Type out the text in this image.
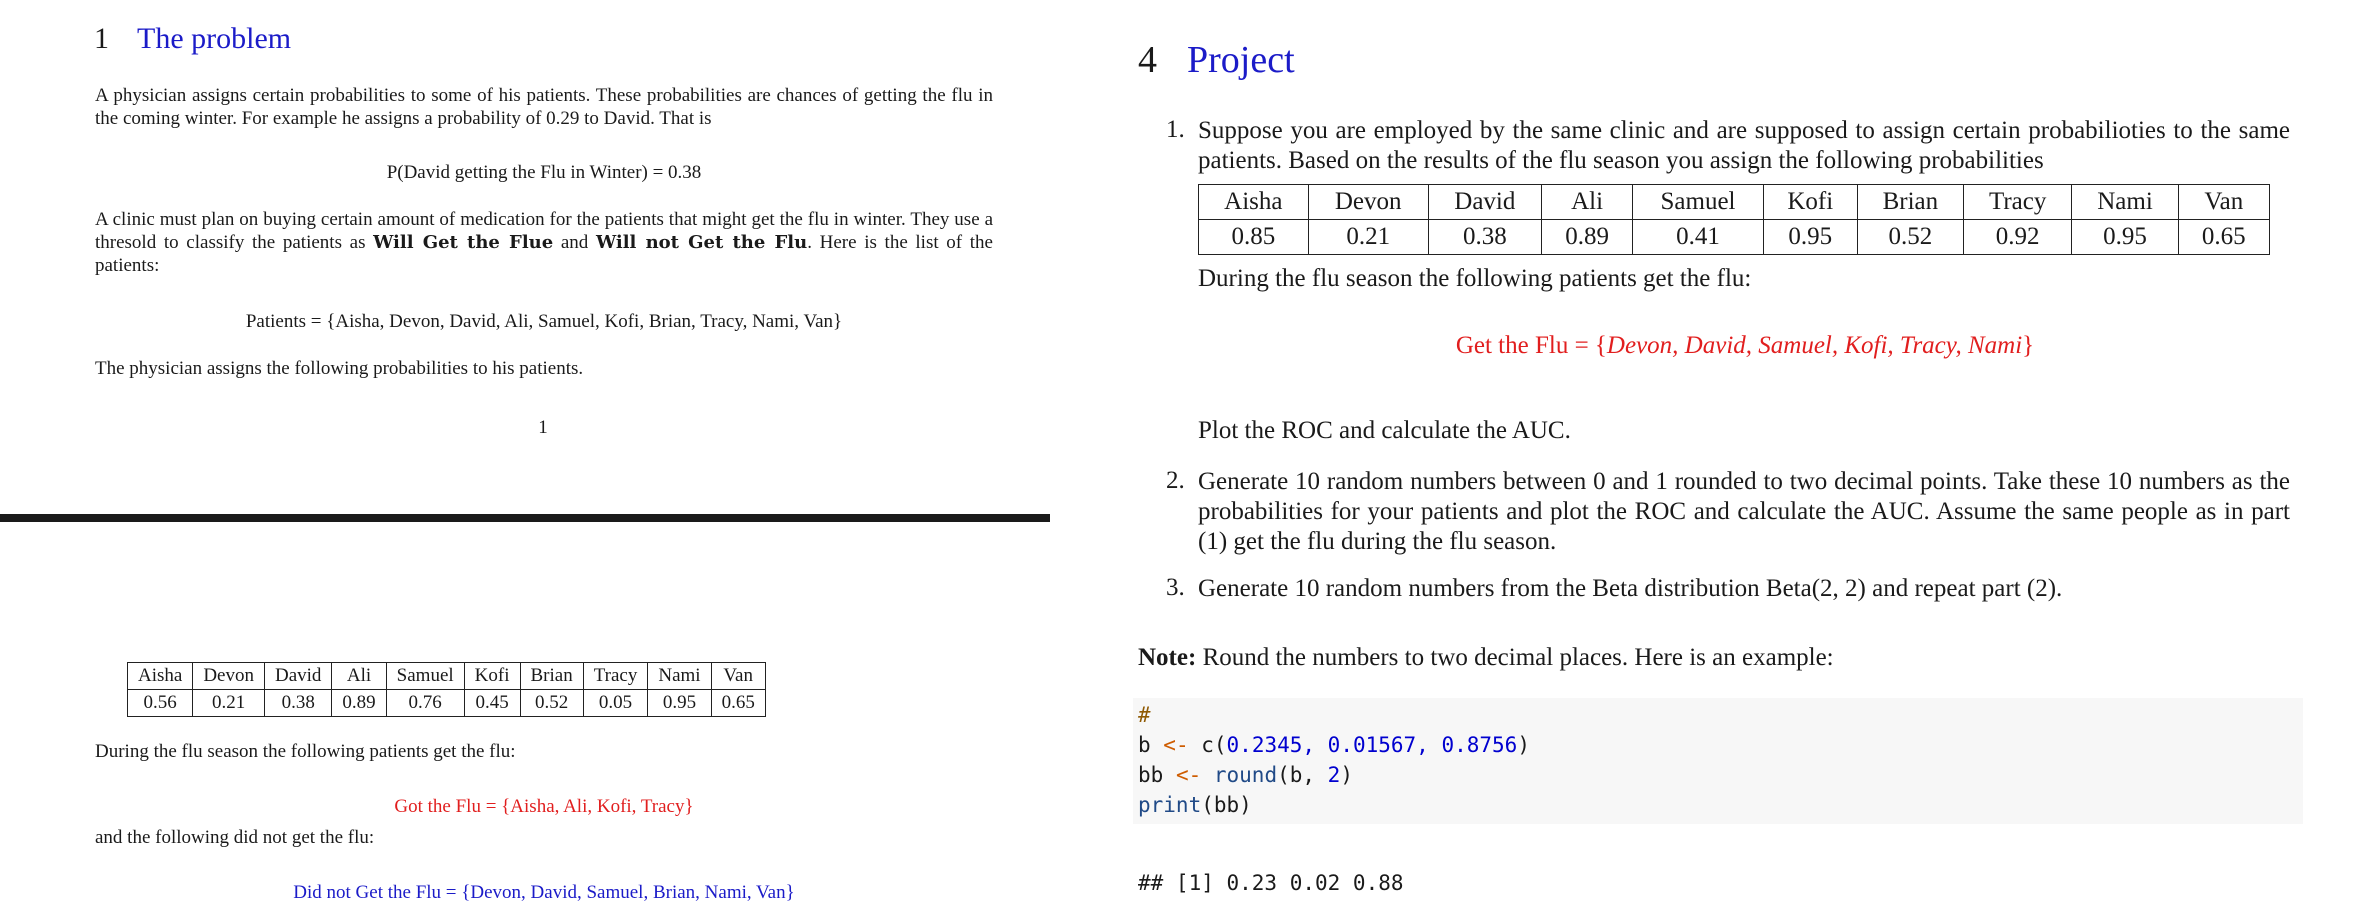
1 The problem
A physician assigns certain probabilities to some of his patients. These probabilities are chances of getting the flu in the coming winter. For example he assigns a probability of 0.29 to David. That is
P(David getting the Flu in Winter) = 0.38
A clinic must plan on buying certain amount of medication for the patients that might get the flu in winter. They use a thresold to classify the patients as Will Get the Flue and Will not Get the Flu. Here is the list of the patients:
Patients = {Aisha, Devon, David, Ali, Samuel, Kofi, Brian, Tracy, Nami, Van}
The physician assigns the following probabilities to his patients.
1
During the flu season the following patients get the flu:
Got the Flu = {Aisha, Ali, Kofi, Tracy}
and the following did not get the flu:
Did not Get the Flu = {Devon, David, Samuel, Brian, Nami, Van}
Aisha	Devon	David	Ali	Samuel	Kofi	Brian	Tracy	Nami	Van
0.56	0.21	0.38	0.89	0.76	0.45	0.52	0.05	0.95	0.65
4 Project
1. Suppose you are employed by the same clinic and are supposed to assign certain probabilioties to the same patients. Based on the results of the flu season you assign the following probabilities
Aisha	Devon	David	Ali	Samuel	Kofi	Brian	Tracy	Nami	Van
0.85	0.21	0.38	0.89	0.41	0.95	0.52	0.92	0.95	0.65
During the flu season the following patients get the flu:
Get the Flu = {Devon, David, Samuel, Kofi, Tracy, Nami}
Plot the ROC and calculate the AUC.
2. Generate 10 random numbers between 0 and 1 rounded to two decimal points. Take these 10 numbers as the probabilities for your patients and plot the ROC and calculate the AUC. Assume the same people as in part (1) get the flu during the flu season.
3. Generate 10 random numbers from the Beta distribution Beta(2, 2) and repeat part (2).
Note: Round the numbers to two decimal places. Here is an example:
#
b <- c(0.2345, 0.01567, 0.8756)
bb <- round(b, 2)
print(bb)
## [1] 0.23 0.02 0.88
